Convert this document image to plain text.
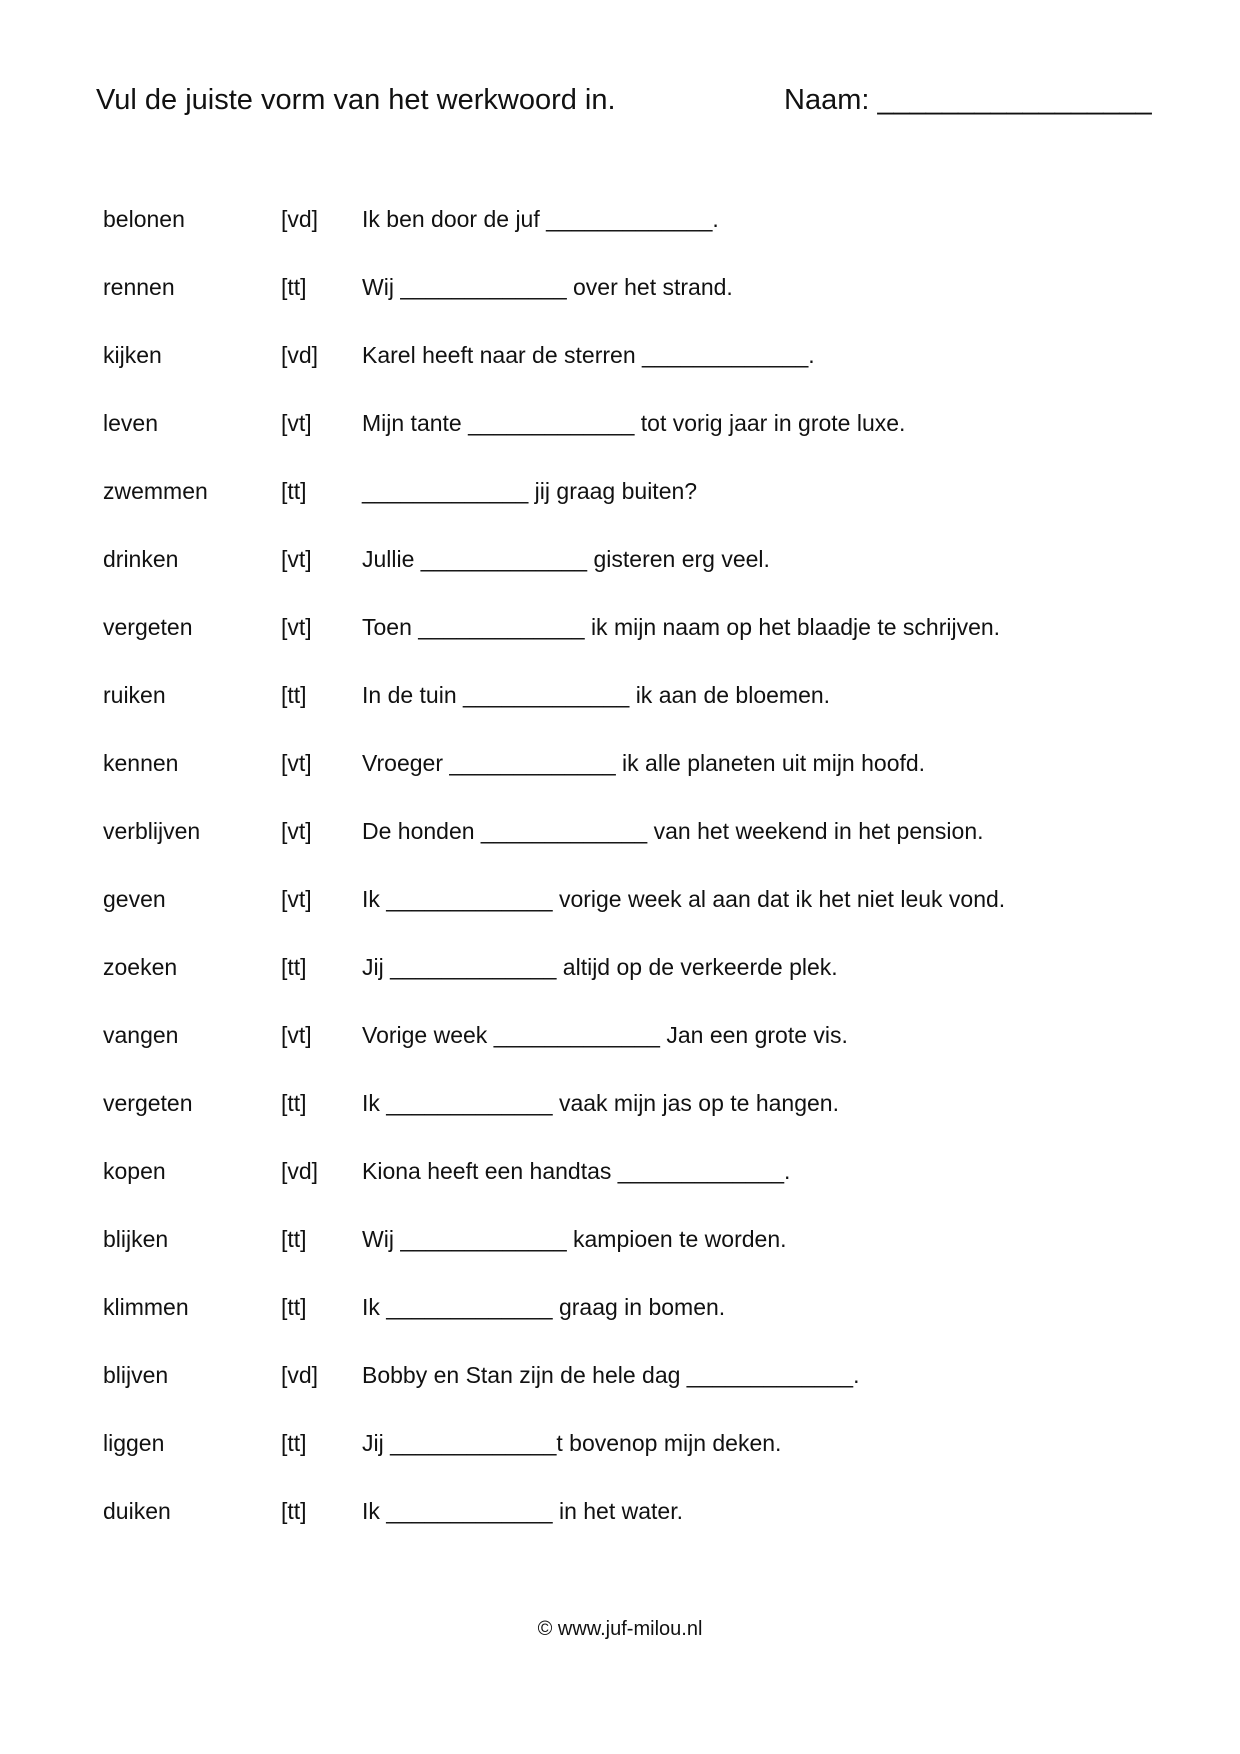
Vul de juiste vorm van het werkwoord in.	Naam: _________________
belonen	[vd] Ik ben door de juf _____________.
rennen	[tt] Wij _____________ over het strand.
kijken	[vd] Karel heeft naar de sterren _____________.
leven	[vt] Mijn tante _____________ tot vorig jaar in grote luxe.
zwemmen	[tt] _____________ jij graag buiten?
drinken	[vt] Jullie _____________ gisteren erg veel.
vergeten	[vt] Toen _____________ ik mijn naam op het blaadje te schrijven.
ruiken	[tt] In de tuin _____________ ik aan de bloemen.
kennen	[vt] Vroeger _____________ ik alle planeten uit mijn hoofd.
verblijven	[vt] De honden _____________ van het weekend in het pension.
geven	[vt] Ik _____________ vorige week al aan dat ik het niet leuk vond.
zoeken	[tt] Jij _____________ altijd op de verkeerde plek.
vangen	[vt] Vorige week _____________ Jan een grote vis.
vergeten	[tt] Ik _____________ vaak mijn jas op te hangen.
kopen	[vd] Kiona heeft een handtas _____________.
blijken	[tt] Wij _____________ kampioen te worden.
klimmen	[tt] Ik _____________ graag in bomen.
blijven	[vd] Bobby en Stan zijn de hele dag _____________.
liggen	[tt] Jij _____________t bovenop mijn deken.
duiken	[tt] Ik _____________ in het water.
© www.juf-milou.nl
